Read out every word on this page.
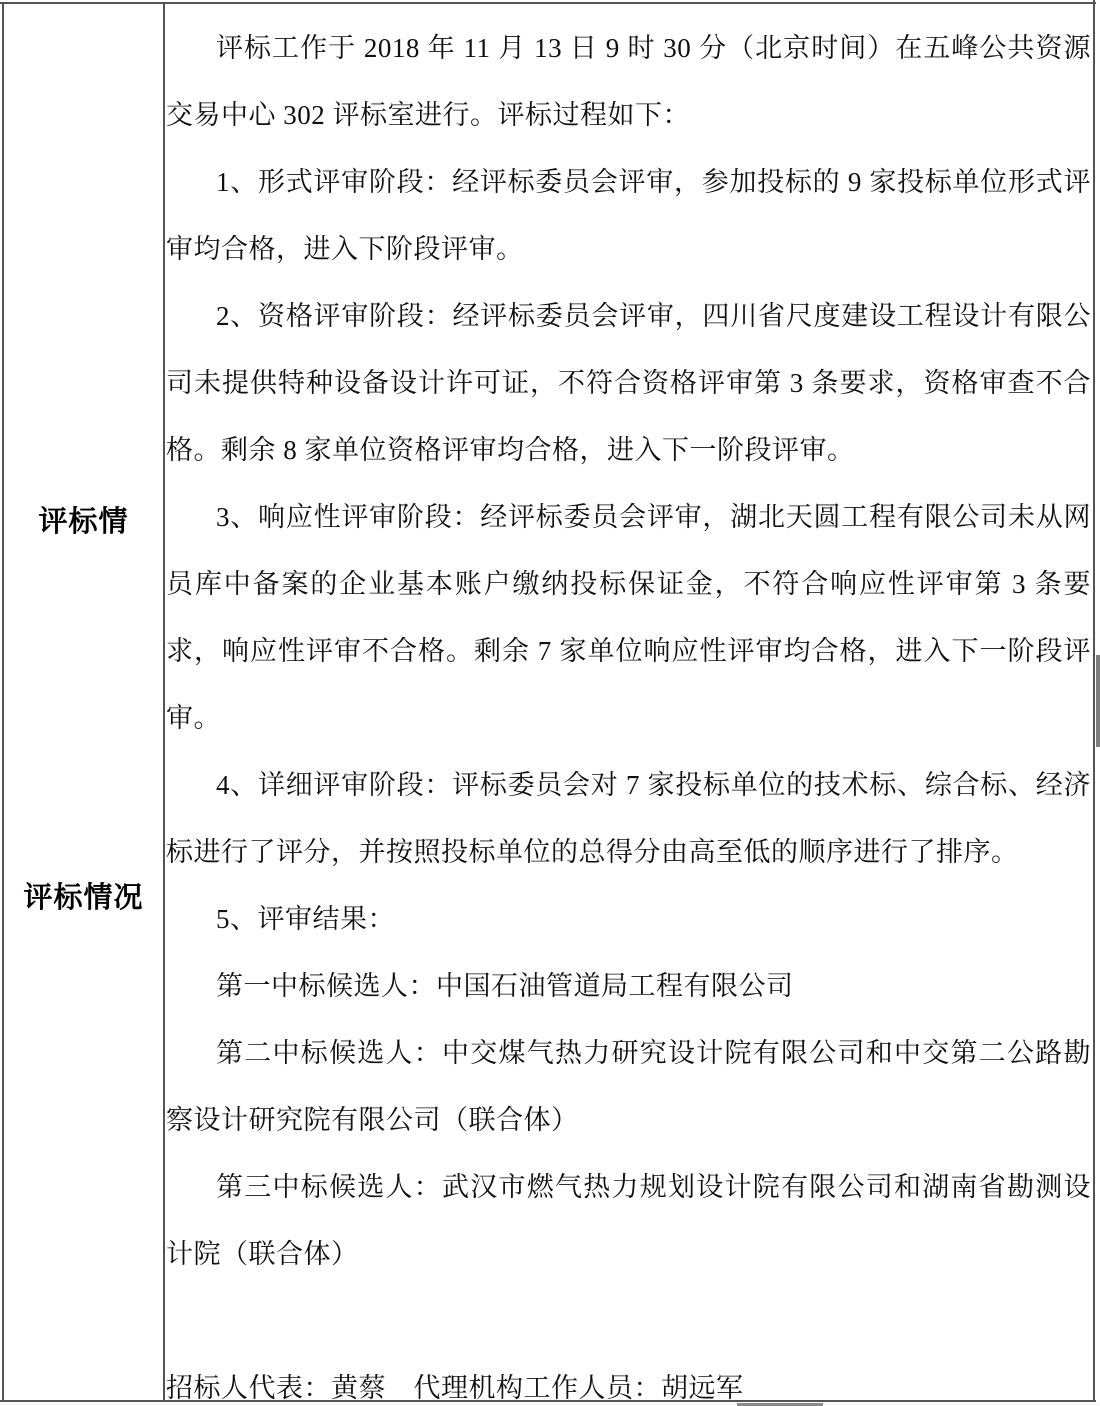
评标情
评标情况

评标工作于 2018 年 11 月 13 日 9 时 30 分（北京时间）在五峰公共资源交易中心 302 评标室进行。评标过程如下：

1、形式评审阶段：经评标委员会评审，参加投标的 9 家投标单位形式评审均合格，进入下阶段评审。

2、资格评审阶段：经评标委员会评审，四川省尺度建设工程设计有限公司未提供特种设备设计许可证，不符合资格评审第 3 条要求，资格审查不合格。剩余 8 家单位资格评审均合格，进入下一阶段评审。

3、响应性评审阶段：经评标委员会评审，湖北天圆工程有限公司未从网员库中备案的企业基本账户缴纳投标保证金，不符合响应性评审第 3 条要求，响应性评审不合格。剩余 7 家单位响应性评审均合格，进入下一阶段评审。

4、详细评审阶段：评标委员会对 7 家投标单位的技术标、综合标、经济标进行了评分，并按照投标单位的总得分由高至低的顺序进行了排序。

5、评审结果：

第一中标候选人：中国石油管道局工程有限公司

第二中标候选人：中交煤气热力研究设计院有限公司和中交第二公路勘察设计研究院有限公司（联合体）

第三中标候选人：武汉市燃气热力规划设计院有限公司和湖南省勘测设计院（联合体）

招标人代表：黄蔡　代理机构工作人员：胡远军
